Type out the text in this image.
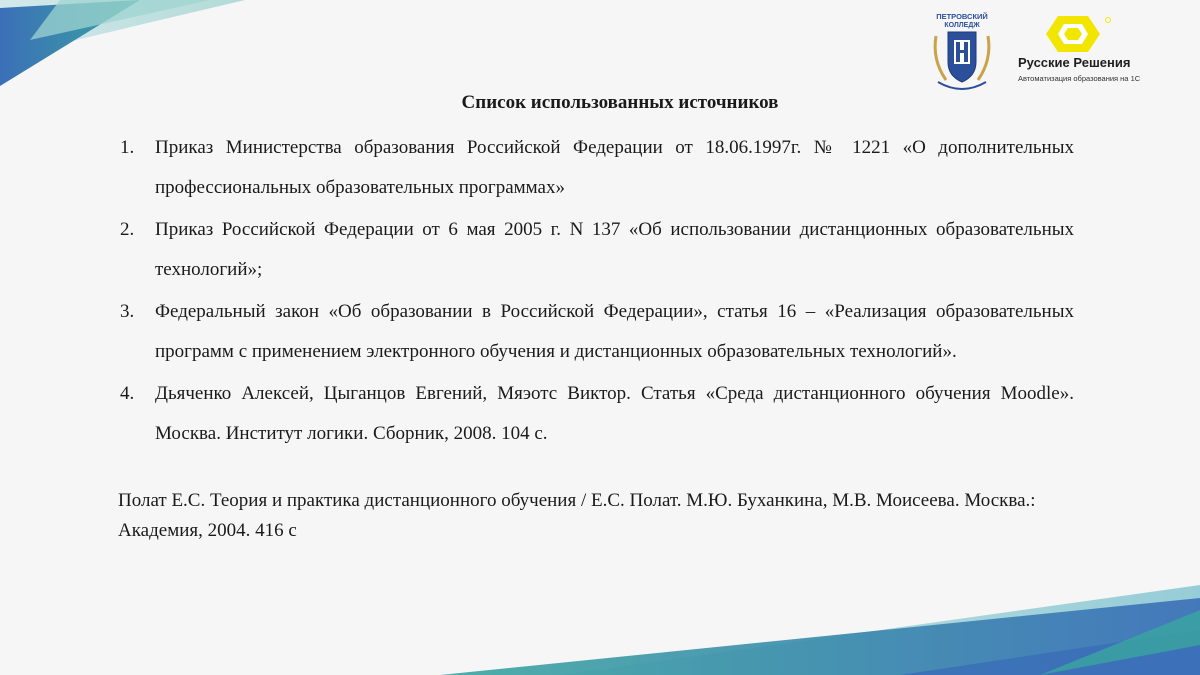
ПЕТРОВСКИЙ
КОЛЛЕДЖ
Русские Решения
Автоматизация образования на 1С
Список использованных источников
1. Приказ Министерства образования Российской Федерации от 18.06.1997г. № 1221 «О дополнительных профессиональных образовательных программах»
2. Приказ Российской Федерации от 6 мая 2005 г. N 137 «Об использовании дистанционных образовательных технологий»;
3. Федеральный закон «Об образовании в Российской Федерации», статья 16 – «Реализация образовательных программ с применением электронного обучения и дистанционных образовательных технологий».
4. Дьяченко Алексей, Цыганцов Евгений, Мяэотс Виктор. Статья «Среда дистанционного обучения Moodle». Москва. Институт логики. Сборник, 2008. 104 с.

Полат Е.С. Теория и практика дистанционного обучения / Е.С. Полат. М.Ю. Буханкина, М.В. Моисеева. Москва.: Академия, 2004. 416 с
